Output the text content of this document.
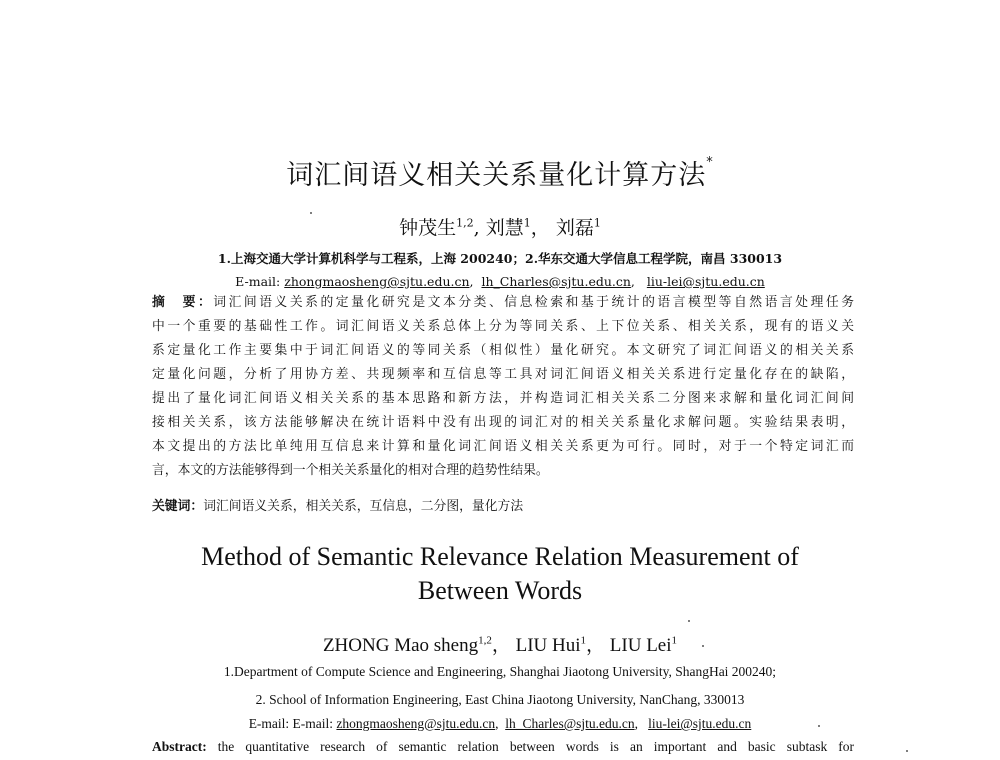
词汇间语义相关关系量化计算方法*
钟茂生$^{1,2}$, 刘慧$^1$， 刘磊$^1$
1.上海交通大学计算机科学与工程系，上海 200240；2.华东交通大学信息工程学院，南昌 330013
E-mail: zhongmaosheng@sjtu.edu.cn,  lh_Charles@sjtu.edu.cn,   liu-lei@sjtu.edu.cn
摘　要：词汇间语义关系的定量化研究是文本分类、信息检索和基于统计的语言模型等自然语言处理任务
中一个重要的基础性工作。词汇间语义关系总体上分为等同关系、上下位关系、相关关系，现有的语义关
系定量化工作主要集中于词汇间语义的等同关系（相似性）量化研究。本文研究了词汇间语义的相关关系
定量化问题，分析了用协方差、共现频率和互信息等工具对词汇间语义相关关系进行定量化存在的缺陷，
提出了量化词汇间语义相关关系的基本思路和新方法，并构造词汇相关关系二分图来求解和量化词汇间间
接相关关系，该方法能够解决在统计语料中没有出现的词汇对的相关关系量化求解问题。实验结果表明，
本文提出的方法比单纯用互信息来计算和量化词汇间语义相关关系更为可行。同时，对于一个特定词汇而
言，本文的方法能够得到一个相关关系量化的相对合理的趋势性结果。
关键词：词汇间语义关系，相关关系，互信息，二分图，量化方法
Method of Semantic Relevance Relation Measurement of
Between Words
ZHONG Mao sheng$^{1,2}$， LIU Hui$^1$， LIU Lei$^1$
1.Department of Compute Science and Engineering, Shanghai Jiaotong University, ShangHai 200240;
2. School of Information Engineering, East China Jiaotong University, NanChang, 330013
E-mail: E-mail: zhongmaosheng@sjtu.edu.cn,  lh_Charles@sjtu.edu.cn,   liu-lei@sjtu.edu.cn
Abstract: the quantitative research of semantic relation between words is an important and basic subtask for
